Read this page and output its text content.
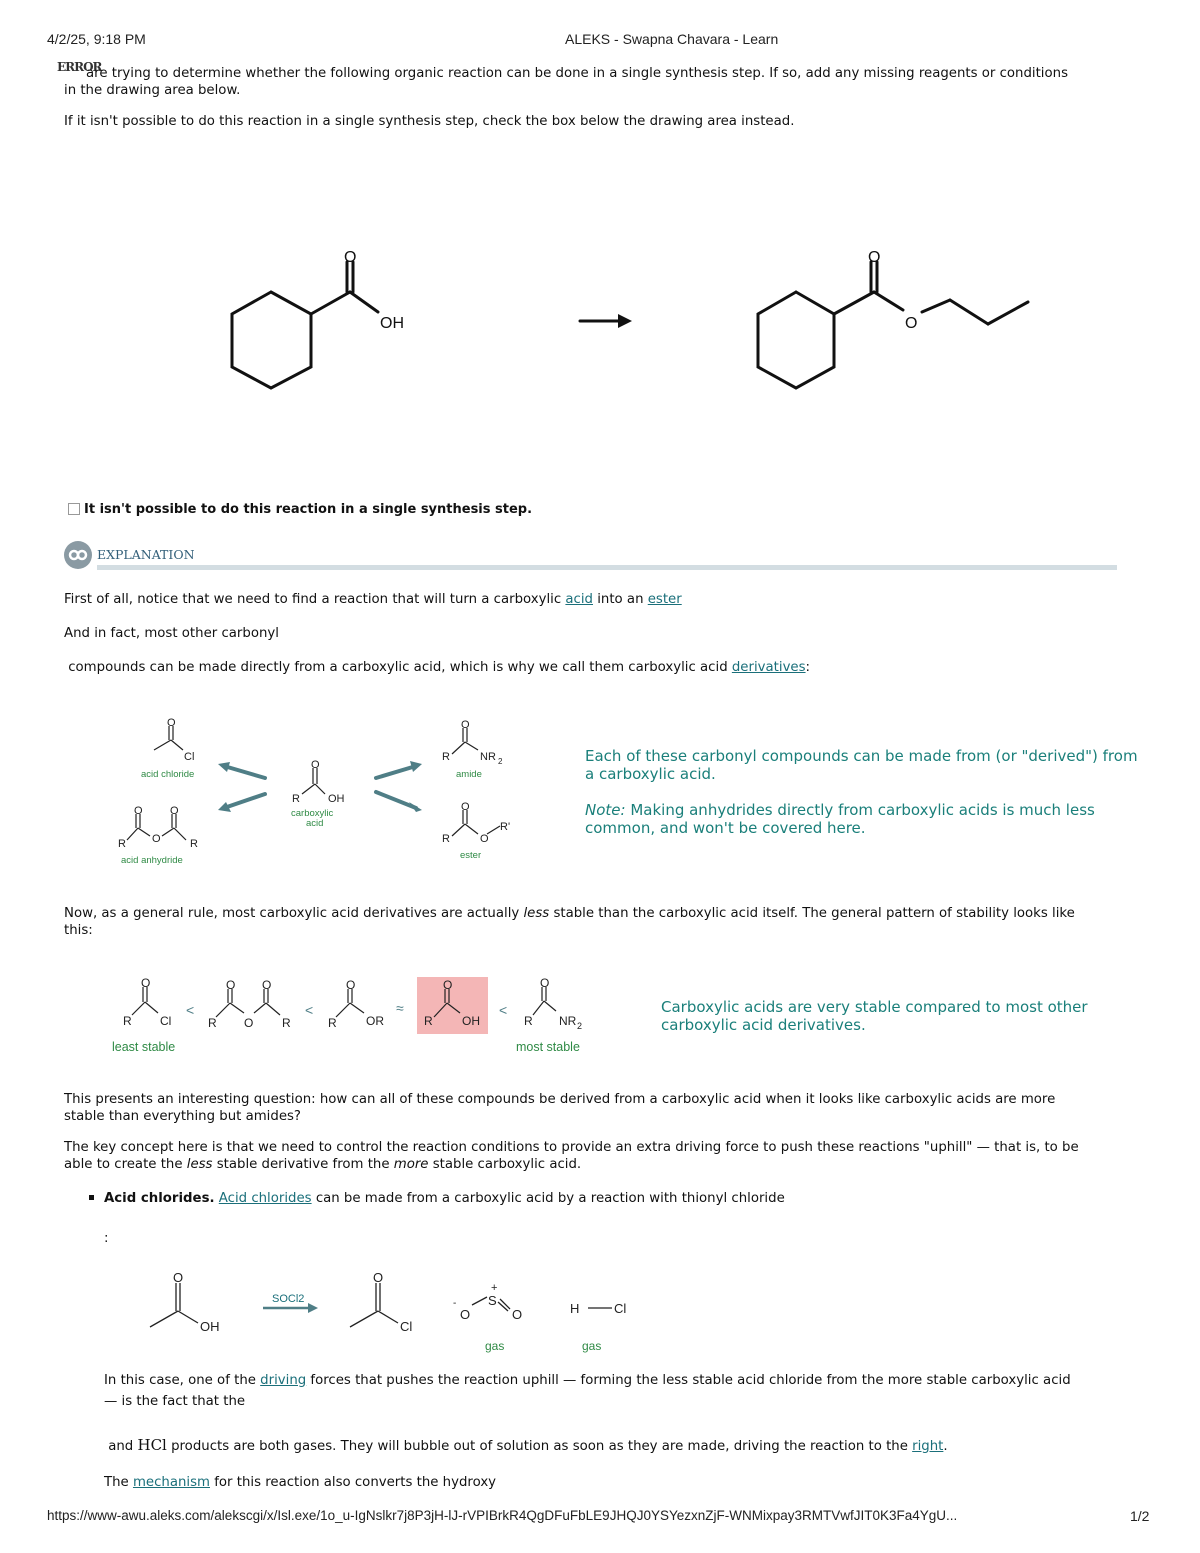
4/2/25, 9:18 PM	ALEKS - Swapna Chavara - Learn
ERROR
are trying to determine whether the following organic reaction can be done in a single synthesis step. If so, add any missing reagents or conditions
in the drawing area below.
If it isn't possible to do this reaction in a single synthesis step, check the box below the drawing area instead.
O
OH
O
O
It isn't possible to do this reaction in a single synthesis step.
EXPLANATION
First of all, notice that we need to find a reaction that will turn a carboxylic acid into an ester
And in fact, most other carbonyl
compounds can be made directly from a carboxylic acid, which is why we call them carboxylic acid derivatives:
O
Cl
O O
R O	R
O
R	OH
O
R	NR 2
O
R	O
R'
acid chloride
acid anhydride
carboxylic
acid
amide
ester
Each of these carbonyl compounds can be made from (or "derived") from a carboxylic acid.
Note: Making anhydrides directly from carboxylic acids is much less common, and won't be covered here.
Now, as a general rule, most carboxylic acid derivatives are actually less stable than the carboxylic acid itself. The general pattern of stability looks like
this:
O
R Cl
O O
R O R
O
R OR
O
R OH
O
R NR 2
<	<	≈	<
least stable	most stable
Carboxylic acids are very stable compared to most other carboxylic acid derivatives.
This presents an interesting question: how can all of these compounds be derived from a carboxylic acid when it looks like carboxylic acids are more
stable than everything but amides?
The key concept here is that we need to control the reaction conditions to provide an extra driving force to push these reactions "uphill" — that is, to be
able to create the less stable derivative from the more stable carboxylic acid.
Acid chlorides. Acid chlorides can be made from a carboxylic acid by a reaction with thionyl chloride
:
O
OH
O
Cl
-
O
S
+
O	H	Cl
SOCl2
gas	gas
In this case, one of the driving forces that pushes the reaction uphill — forming the less stable acid chloride from the more stable carboxylic acid
— is the fact that the
and HCl products are both gases. They will bubble out of solution as soon as they are made, driving the reaction to the right.
The mechanism for this reaction also converts the hydroxy
https://www-awu.aleks.com/alekscgi/x/Isl.exe/1o_u-IgNslkr7j8P3jH-lJ-rVPIBrkR4QgDFuFbLE9JHQJ0YSYezxnZjF-WNMixpay3RMTVwfJIT0K3Fa4YgU...	1/2
